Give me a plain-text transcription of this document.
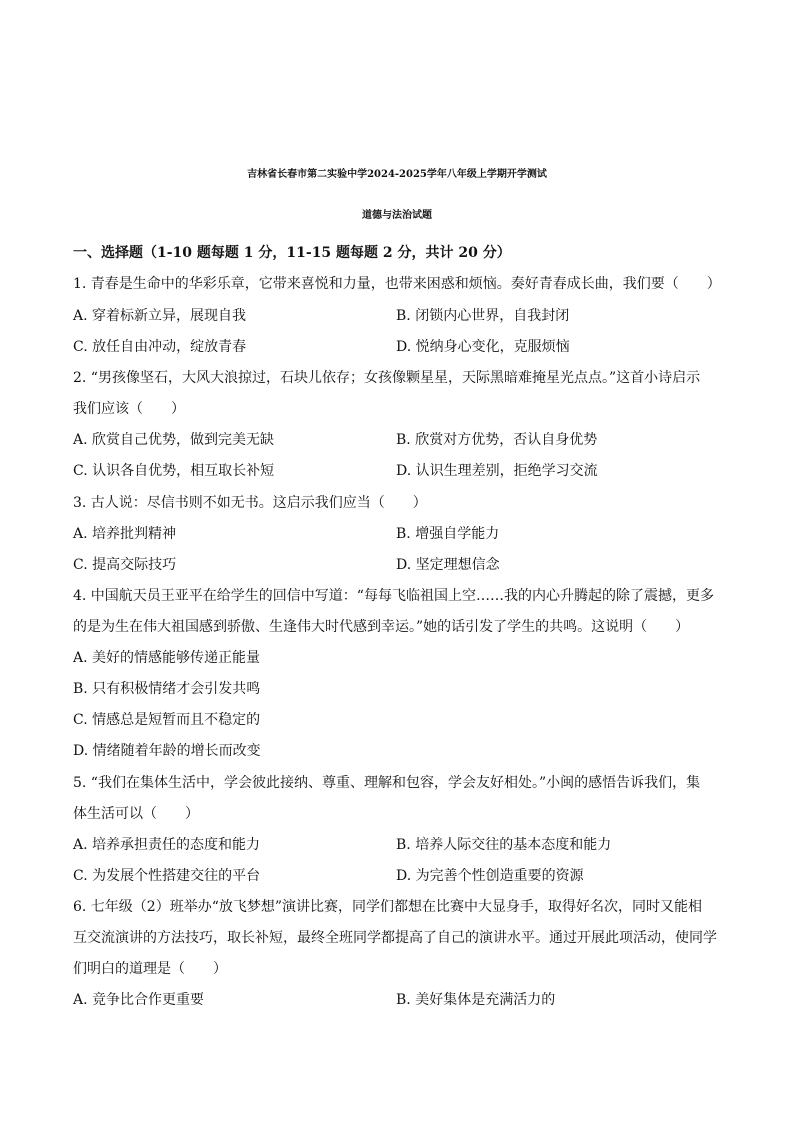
吉林省长春市第二实验中学2024-2025学年八年级上学期开学测试
道德与法治试题
一、选择题（1-10 题每题 1 分，11-15 题每题 2 分，共计 20 分）
1. 青春是生命中的华彩乐章，它带来喜悦和力量，也带来困惑和烦恼。奏好青春成长曲，我们要（　　）
A. 穿着标新立异，展现自我	B. 闭锁内心世界，自我封闭
C. 放任自由冲动，绽放青春	D. 悦纳身心变化，克服烦恼
2. “男孩像坚石，大风大浪掠过，石块儿依存；女孩像颗星星，天际黑暗难掩星光点点。”这首小诗启示
我们应该（　　）
A. 欣赏自己优势，做到完美无缺	B. 欣赏对方优势，否认自身优势
C. 认识各自优势，相互取长补短	D. 认识生理差别，拒绝学习交流
3. 古人说：尽信书则不如无书。这启示我们应当（　　）
A. 培养批判精神	B. 增强自学能力
C. 提高交际技巧	D. 坚定理想信念
4. 中国航天员王亚平在给学生的回信中写道：“每每飞临祖国上空……我的内心升腾起的除了震撼，更多
的是为生在伟大祖国感到骄傲、生逢伟大时代感到幸运。”她的话引发了学生的共鸣。这说明（　　）
A. 美好的情感能够传递正能量
B. 只有积极情绪才会引发共鸣
C. 情感总是短暂而且不稳定的
D. 情绪随着年龄的增长而改变
5. “我们在集体生活中，学会彼此接纳、尊重、理解和包容，学会友好相处。”小闽的感悟告诉我们，集
体生活可以（　　）
A. 培养承担责任的态度和能力	B. 培养人际交往的基本态度和能力
C. 为发展个性搭建交往的平台	D. 为完善个性创造重要的资源
6. 七年级（2）班举办“放飞梦想”演讲比赛，同学们都想在比赛中大显身手，取得好名次，同时又能相
互交流演讲的方法技巧，取长补短，最终全班同学都提高了自己的演讲水平。通过开展此项活动，使同学
们明白的道理是（　　）
A. 竞争比合作更重要	B. 美好集体是充满活力的
